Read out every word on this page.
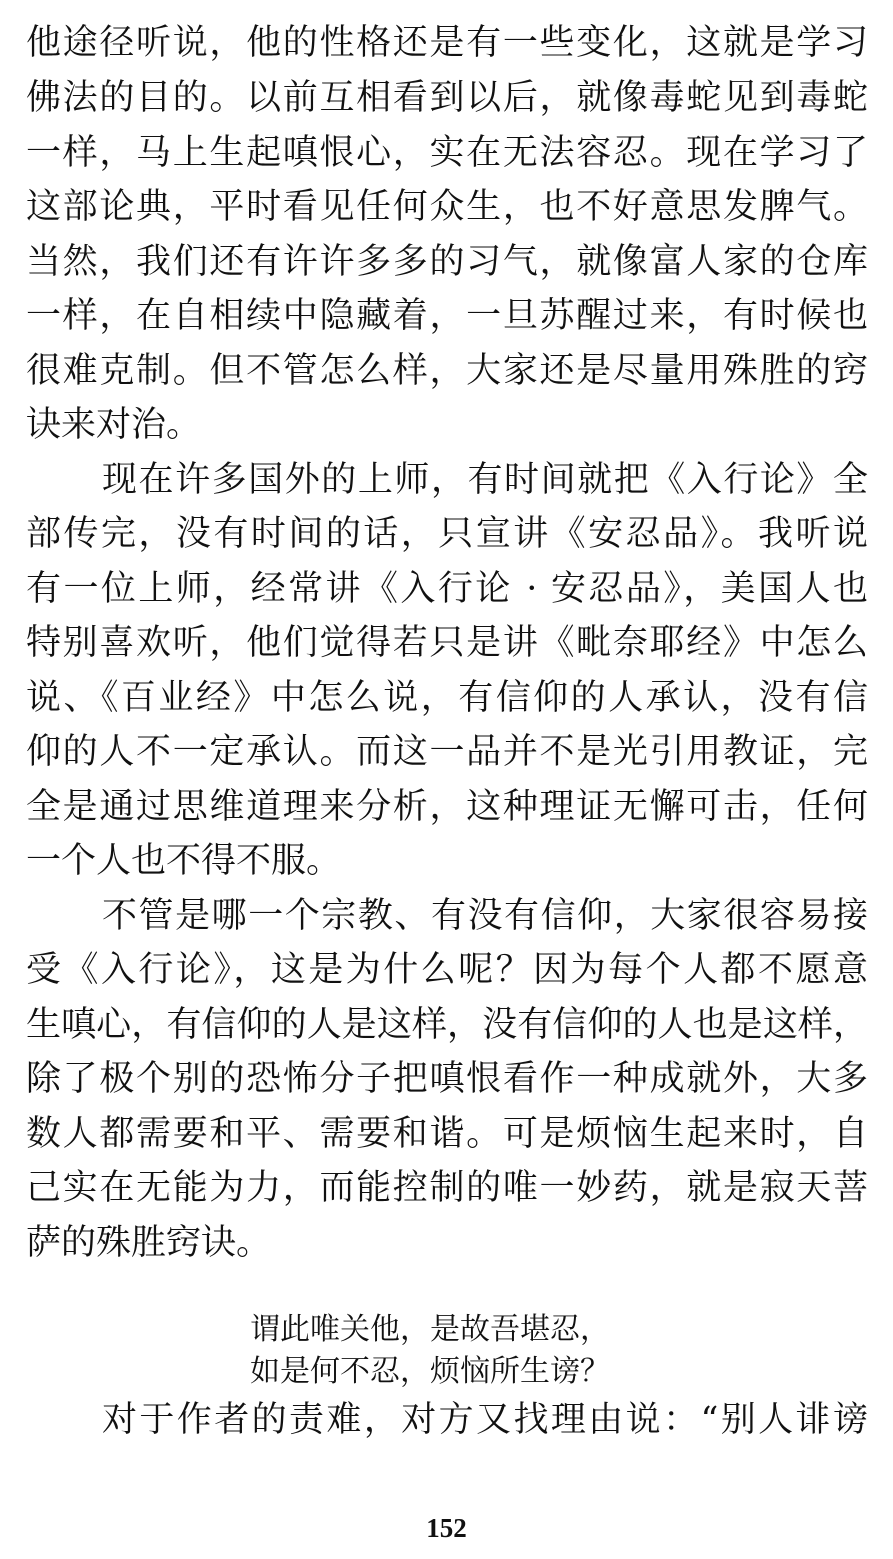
他途径听说，他的性格还是有一些变化，这就是学习
佛法的目的。以前互相看到以后，就像毒蛇见到毒蛇
一样，马上生起嗔恨心，实在无法容忍。现在学习了
这部论典，平时看见任何众生，也不好意思发脾气。
当然，我们还有许许多多的习气，就像富人家的仓库
一样，在自相续中隐藏着，一旦苏醒过来，有时候也
很难克制。但不管怎么样，大家还是尽量用殊胜的窍
诀来对治。
现在许多国外的上师，有时间就把《入行论》全
部传完，没有时间的话，只宣讲《安忍品》。我听说
有一位上师，经常讲《入行论 · 安忍品》，美国人也
特别喜欢听，他们觉得若只是讲《毗奈耶经》中怎么
说、《百业经》中怎么说，有信仰的人承认，没有信
仰的人不一定承认。而这一品并不是光引用教证，完
全是通过思维道理来分析，这种理证无懈可击，任何
一个人也不得不服。
不管是哪一个宗教、有没有信仰，大家很容易接
受《入行论》，这是为什么呢？因为每个人都不愿意
生嗔心，有信仰的人是这样，没有信仰的人也是这样，
除了极个别的恐怖分子把嗔恨看作一种成就外，大多
数人都需要和平、需要和谐。可是烦恼生起来时，自
己实在无能为力，而能控制的唯一妙药，就是寂天菩
萨的殊胜窍诀。
谓此唯关他，是故吾堪忍，
如是何不忍，烦恼所生谤？
对于作者的责难，对方又找理由说：“别人诽谤
152
